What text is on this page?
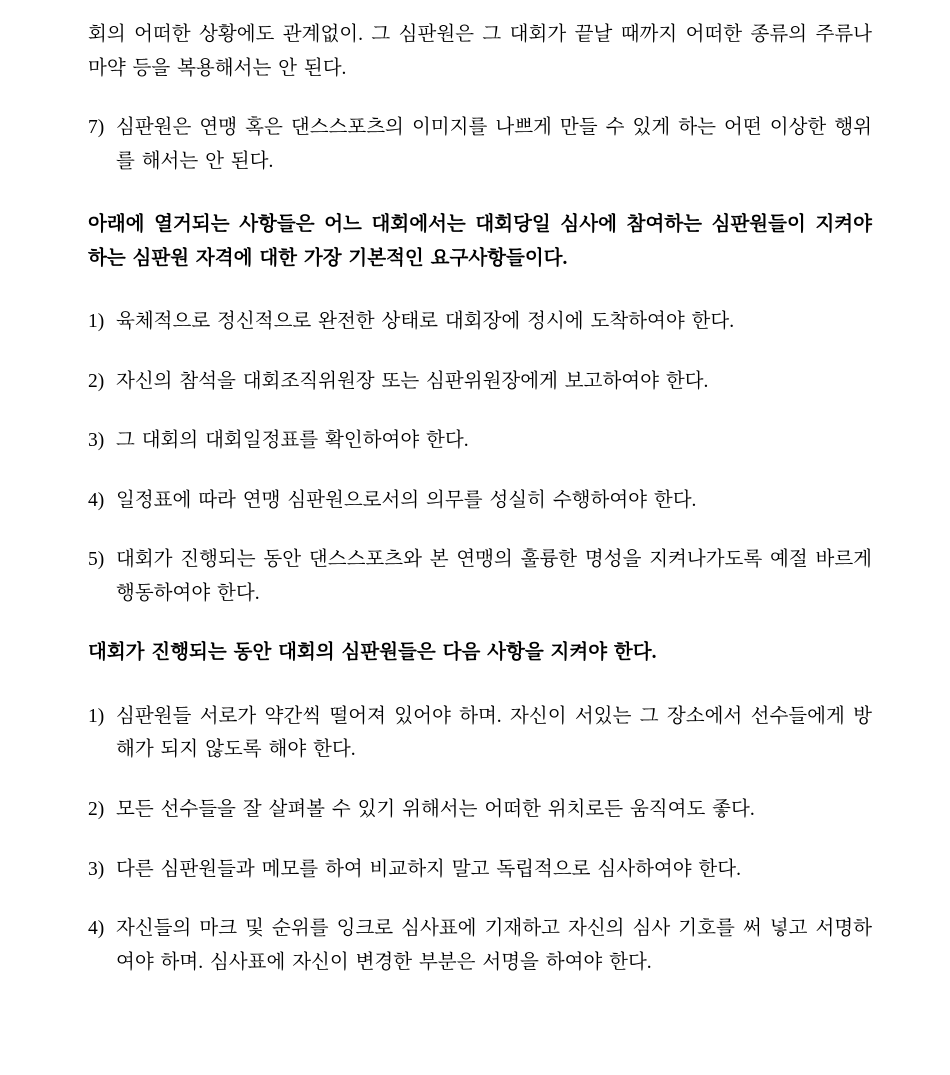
회의 어떠한 상황에도 관계없이. 그 심판원은 그 대회가 끝날 때까지 어떠한 종류의 주류나 마약 등을 복용해서는 안 된다.

7) 심판원은 연맹 혹은 댄스스포츠의 이미지를 나쁘게 만들 수 있게 하는 어떤 이상한 행위를 해서는 안 된다.

아래에 열거되는 사항들은 어느 대회에서는 대회당일 심사에 참여하는 심판원들이 지켜야 하는 심판원 자격에 대한 가장 기본적인 요구사항들이다.

1) 육체적으로 정신적으로 완전한 상태로 대회장에 정시에 도착하여야 한다.

2) 자신의 참석을 대회조직위원장 또는 심판위원장에게 보고하여야 한다.

3) 그 대회의 대회일정표를 확인하여야 한다.

4) 일정표에 따라 연맹 심판원으로서의 의무를 성실히 수행하여야 한다.

5) 대회가 진행되는 동안 댄스스포츠와 본 연맹의 훌륭한 명성을 지켜나가도록 예절 바르게 행동하여야 한다.

대회가 진행되는 동안 대회의 심판원들은 다음 사항을 지켜야 한다.

1) 심판원들 서로가 약간씩 떨어져 있어야 하며. 자신이 서있는 그 장소에서 선수들에게 방해가 되지 않도록 해야 한다.

2) 모든 선수들을 잘 살펴볼 수 있기 위해서는 어떠한 위치로든 움직여도 좋다.

3) 다른 심판원들과 메모를 하여 비교하지 말고 독립적으로 심사하여야 한다.

4) 자신들의 마크 및 순위를 잉크로 심사표에 기재하고 자신의 심사 기호를 써 넣고 서명하여야 하며. 심사표에 자신이 변경한 부분은 서명을 하여야 한다.
